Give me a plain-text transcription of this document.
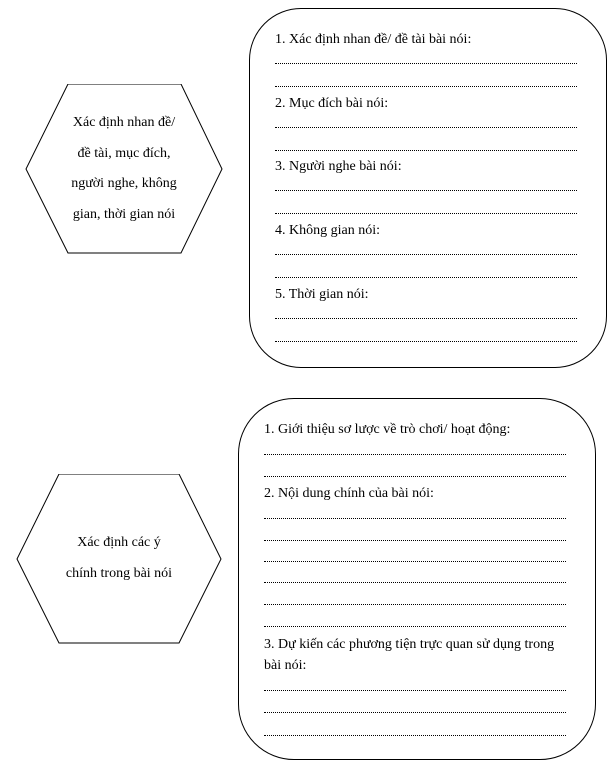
Xác định nhan đề/
đề tài, mục đích,
người nghe, không
gian, thời gian nói
1. Xác định nhan đề/ đề tài bài nói:
2. Mục đích bài nói:
3. Người nghe bài nói:
4. Không gian nói:
5. Thời gian nói:
Xác định các ý
chính trong bài nói
1. Giới thiệu sơ lược về trò chơi/ hoạt động:
2. Nội dung chính của bài nói:
3. Dự kiến các phương tiện trực quan sử dụng trong bài nói:
